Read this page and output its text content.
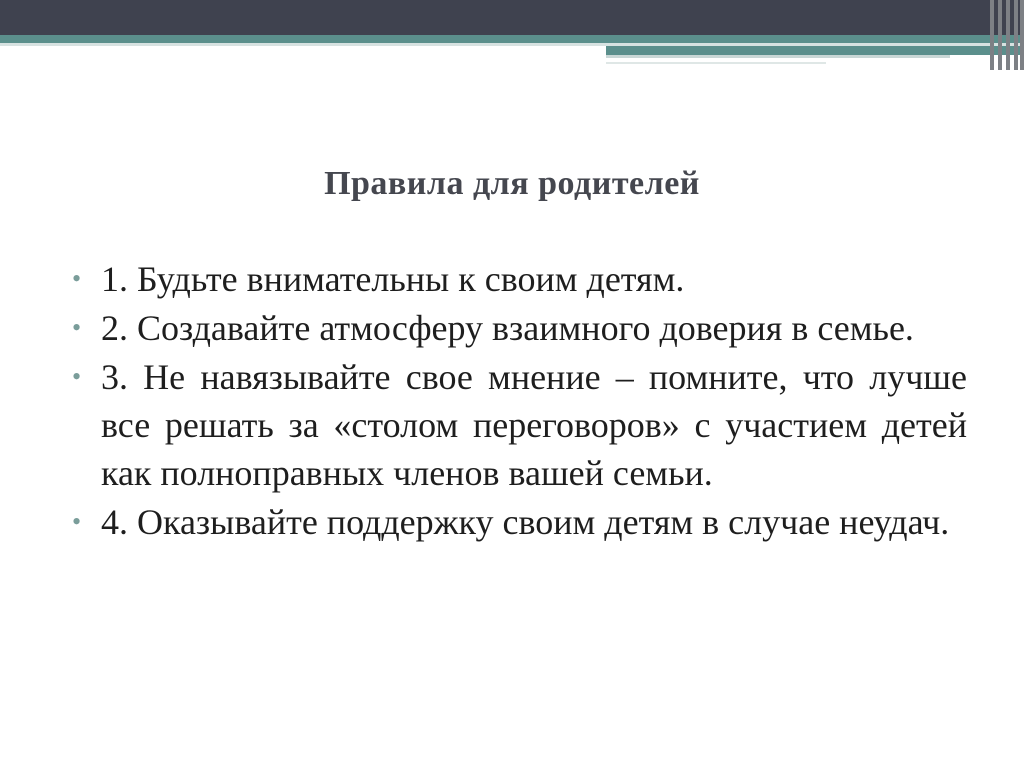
Правила для родителей
• 1. Будьте внимательны к своим детям.
• 2. Создавайте атмосферу взаимного доверия в семье.
• 3. Не навязывайте свое мнение – помните, что лучше все решать за «столом переговоров» с участием детей как полноправных членов вашей семьи.
• 4. Оказывайте поддержку своим детям в случае неудач.
